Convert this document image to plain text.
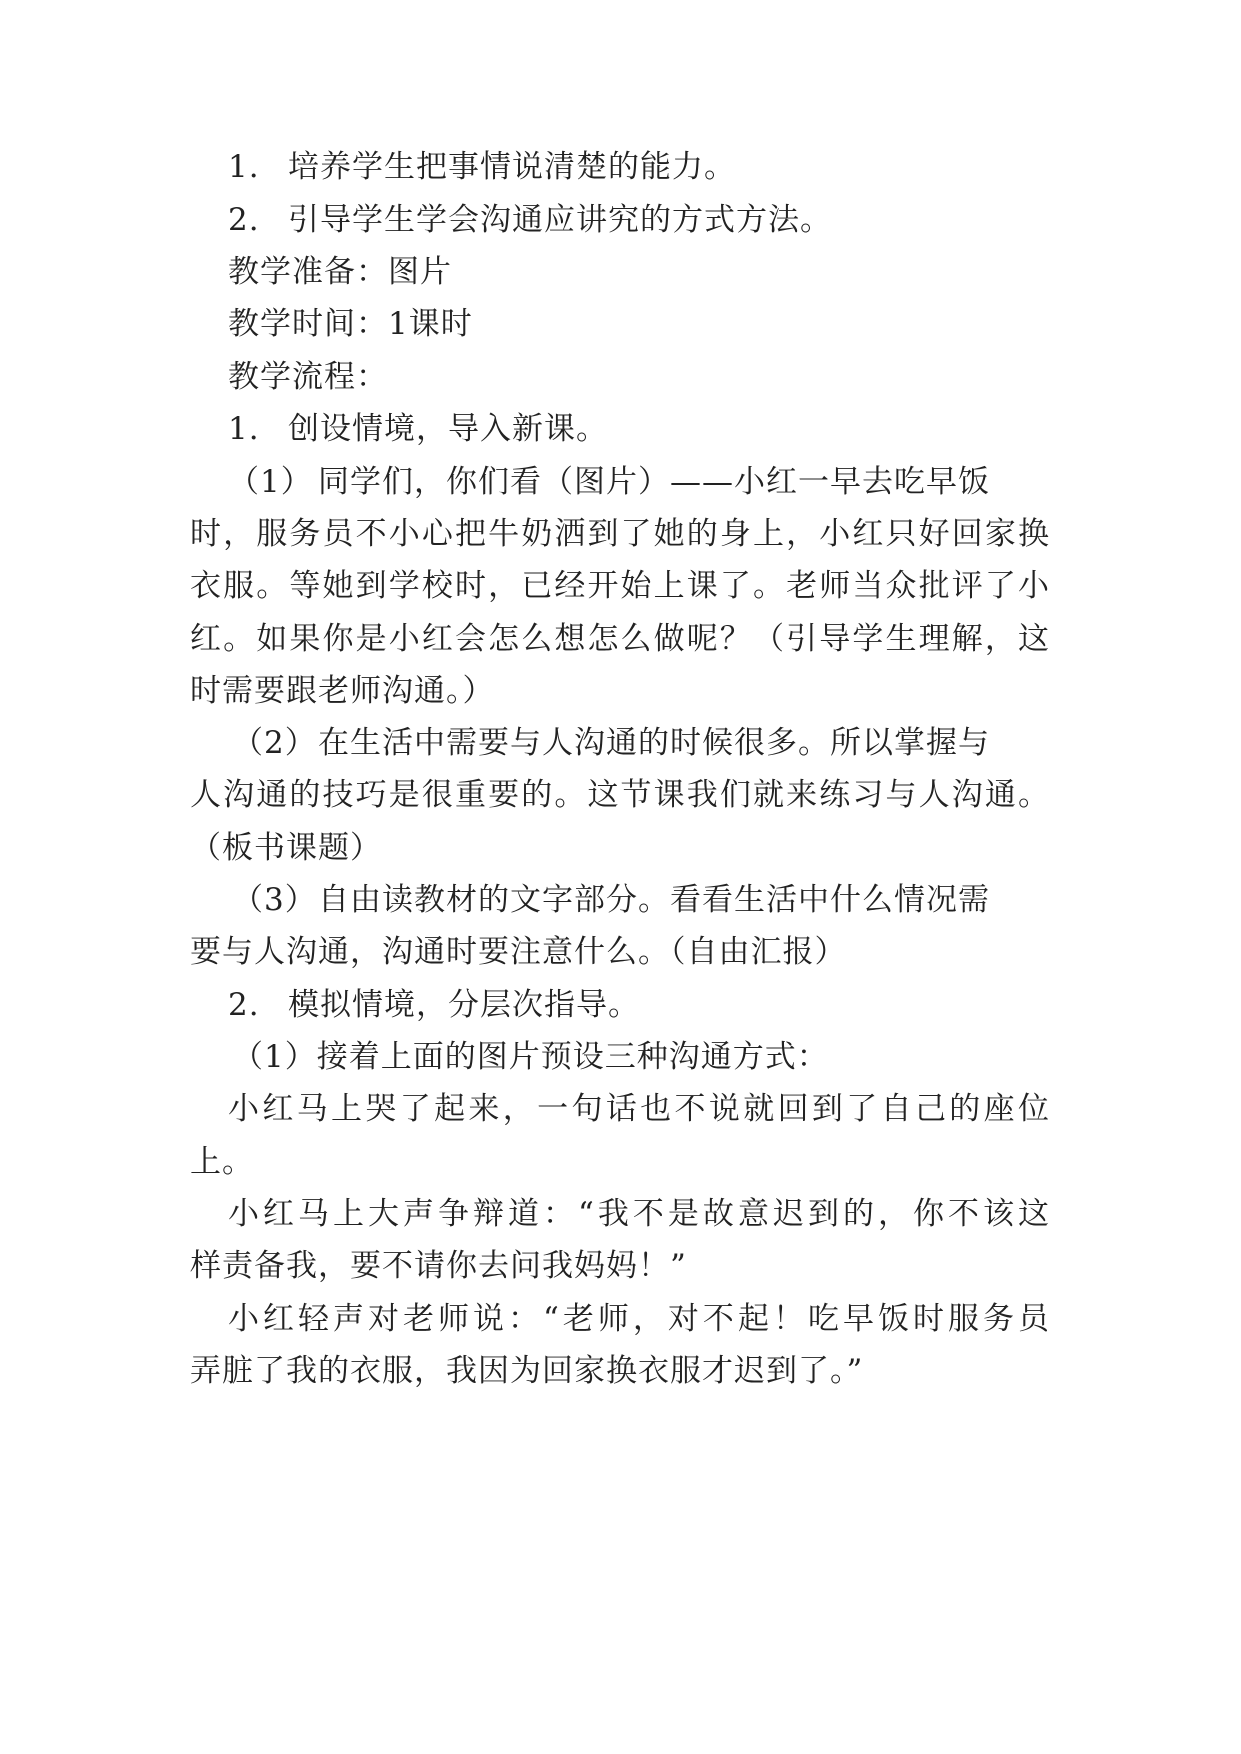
1. 培养学生把事情说清楚的能力。
2. 引导学生学会沟通应讲究的方式方法。
教学准备：图片
教学时间：1课时
教学流程：
1. 创设情境，导入新课。
（1） 同学们，你们看（图片）——小红一早去吃早饭
时，服务员不小心把牛奶洒到了她的身上，小红只好回家换
衣服。等她到学校时，已经开始上课了。老师当众批评了小
红。如果你是小红会怎么想怎么做呢？（引导学生理解，这
时需要跟老师沟通。）
（2） 在生活中需要与人沟通的时候很多。所以掌握与
人沟通的技巧是很重要的。这节课我们就来练习与人沟通。
（板书课题）
（3） 自由读教材的文字部分。看看生活中什么情况需
要与人沟通，沟通时要注意什么。（自由汇报）
2. 模拟情境，分层次指导。
（1）接着上面的图片预设三种沟通方式：
小红马上哭了起来，一句话也不说就回到了自己的座位
上。
小红马上大声争辩道：“我不是故意迟到的，你不该这
样责备我，要不请你去问我妈妈！”
小红轻声对老师说：“老师，对不起！吃早饭时服务员
弄脏了我的衣服，我因为回家换衣服才迟到了。”
